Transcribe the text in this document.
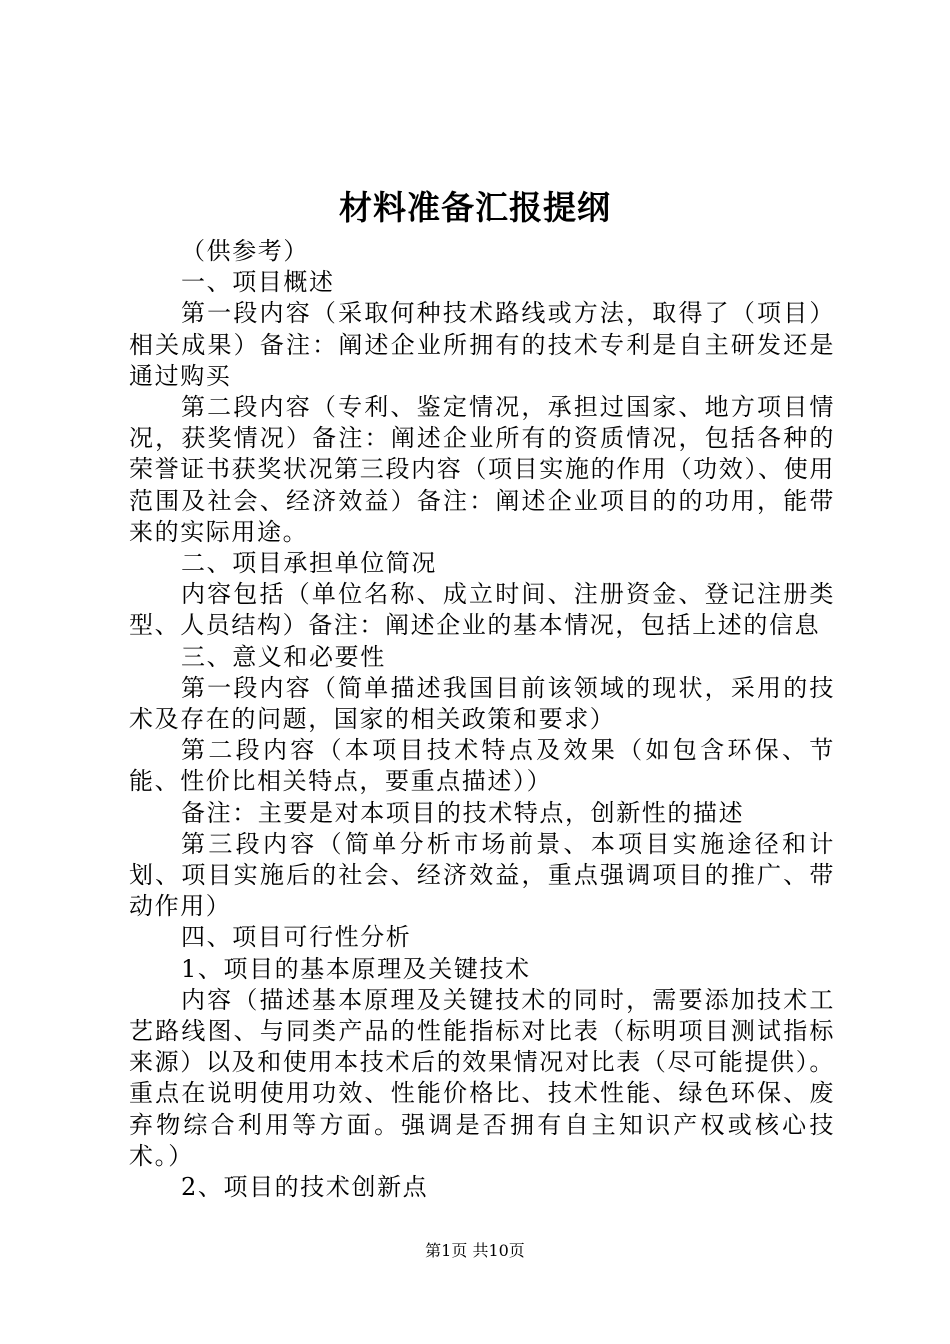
材料准备汇报提纲

（供参考）

一、项目概述

第一段内容（采取何种技术路线或方法，取得了（项目）相关成果）备注：阐述企业所拥有的技术专利是自主研发还是通过购买

第二段内容（专利、鉴定情况，承担过国家、地方项目情况，获奖情况）备注：阐述企业所有的资质情况，包括各种的荣誉证书获奖状况第三段内容（项目实施的作用（功效）、使用范围及社会、经济效益）备注：阐述企业项目的的功用，能带来的实际用途。

二、项目承担单位简况

内容包括（单位名称、成立时间、注册资金、登记注册类型、人员结构）备注：阐述企业的基本情况，包括上述的信息

三、意义和必要性

第一段内容（简单描述我国目前该领域的现状，采用的技术及存在的问题，国家的相关政策和要求）

第二段内容（本项目技术特点及效果（如包含环保、节能、性价比相关特点，要重点描述））

备注：主要是对本项目的技术特点，创新性的描述

第三段内容（简单分析市场前景、本项目实施途径和计划、项目实施后的社会、经济效益，重点强调项目的推广、带动作用）

四、项目可行性分析

1、项目的基本原理及关键技术

内容（描述基本原理及关键技术的同时，需要添加技术工艺路线图、与同类产品的性能指标对比表（标明项目测试指标来源）以及和使用本技术后的效果情况对比表（尽可能提供）。重点在说明使用功效、性能价格比、技术性能、绿色环保、废弃物综合利用等方面。强调是否拥有自主知识产权或核心技术。）

2、项目的技术创新点

第1页 共10页
